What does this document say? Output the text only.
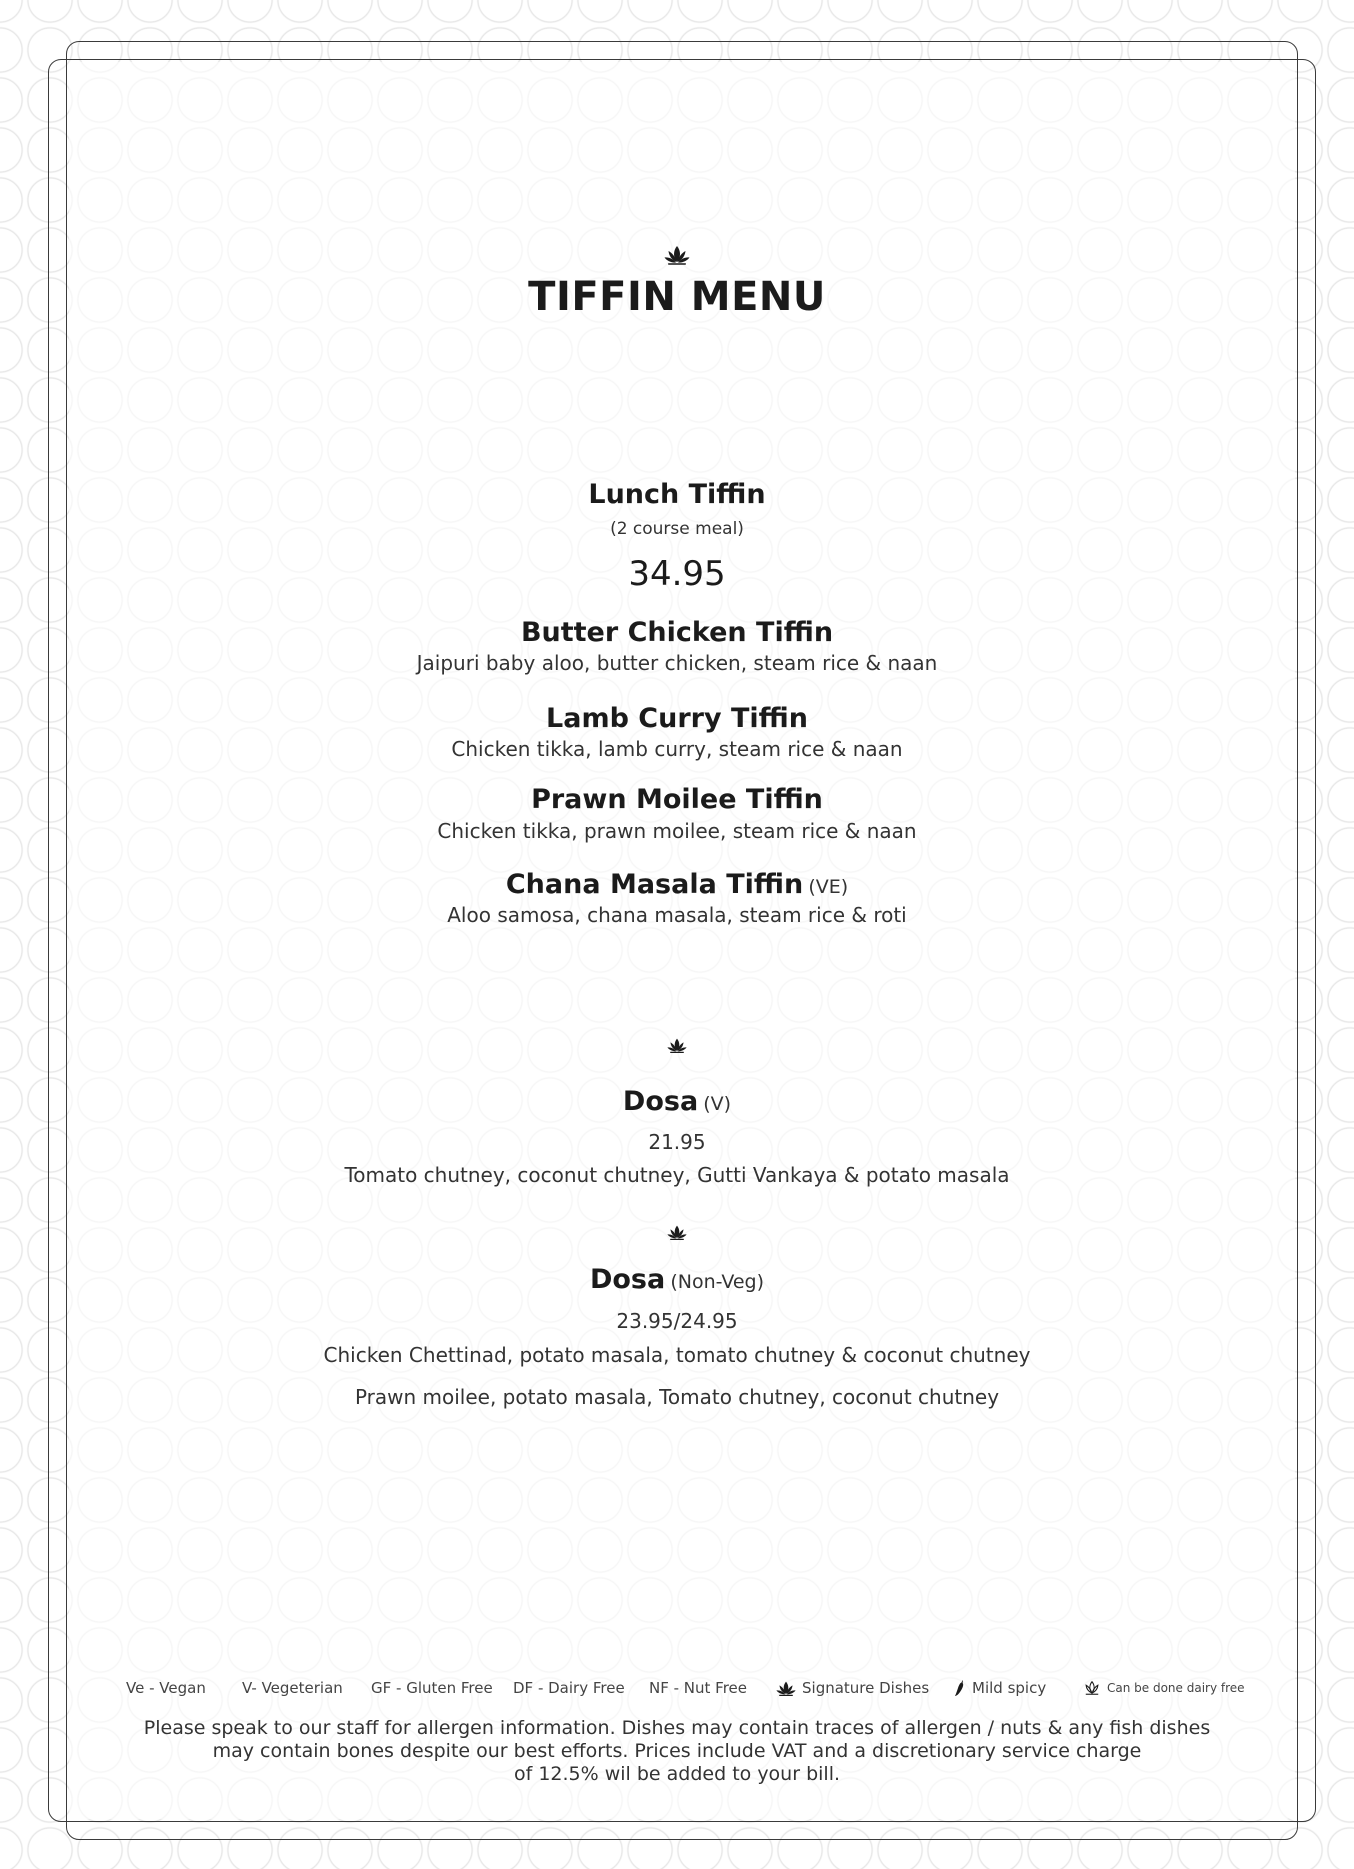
TIFFIN MENU
Lunch Tiffin
(2 course meal)
34.95
Butter Chicken Tiffin
Jaipuri baby aloo, butter chicken, steam rice & naan
Lamb Curry Tiffin
Chicken tikka, lamb curry, steam rice & naan
Prawn Moilee Tiffin
Chicken tikka, prawn moilee, steam rice & naan
Chana Masala Tiffin (VE)
Aloo samosa, chana masala, steam rice & roti
Dosa (V)
21.95
Tomato chutney, coconut chutney, Gutti Vankaya & potato masala
Dosa (Non-Veg)
23.95/24.95
Chicken Chettinad, potato masala, tomato chutney & coconut chutney
Prawn moilee, potato masala, Tomato chutney, coconut chutney
Ve - Vegan V- Vegeterian GF - Gluten Free DF - Dairy Free NF - Nut Free	Signature Dishes	Mild spicy	Can be done dairy free
Please speak to our staff for allergen information. Dishes may contain traces of allergen / nuts & any fish dishes
may contain bones despite our best efforts. Prices include VAT and a discretionary service charge
of 12.5% wil be added to your bill.
